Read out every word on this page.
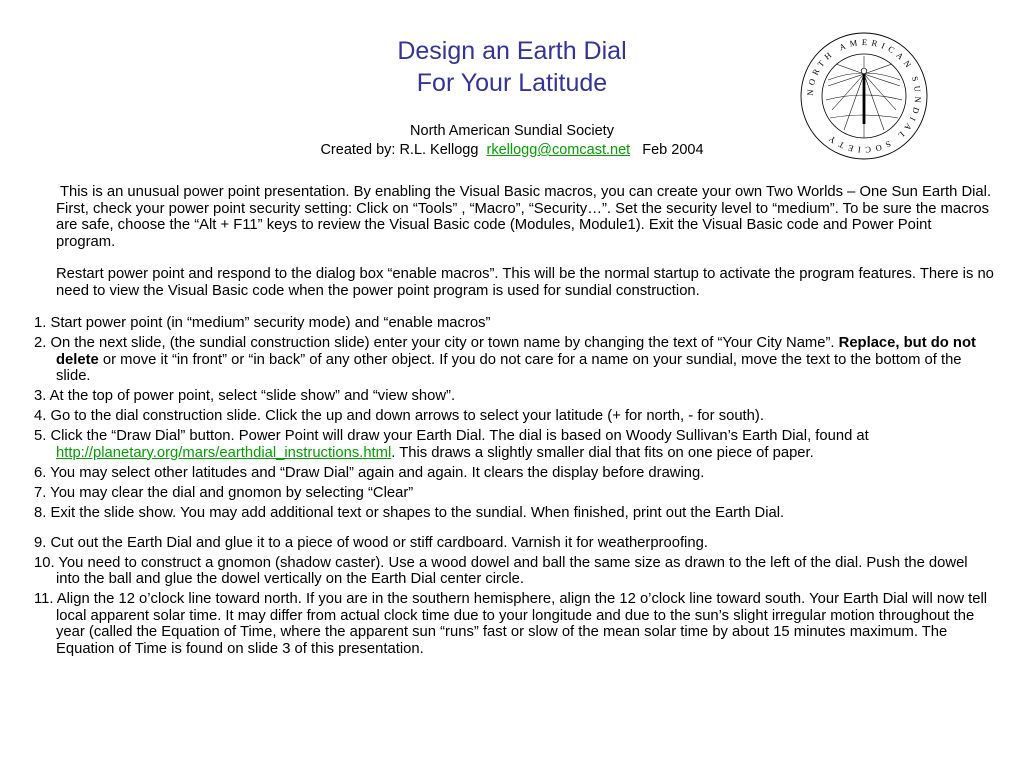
Design an Earth Dial
For Your Latitude
North American Sundial Society
Created by: R.L. Kellogg rkellogg@comcast.net Feb 2004
NORTH AMERICAN SUNDIAL SOCIETY

This is an unusual power point presentation. By enabling the Visual Basic macros, you can create your own Two Worlds – One Sun Earth Dial. First, check your power point security setting: Click on “Tools” , “Macro”, “Security…”. Set the security level to “medium”. To be sure the macros are safe, choose the “Alt + F11” keys to review the Visual Basic code (Modules, Module1). Exit the Visual Basic code and Power Point program.

Restart power point and respond to the dialog box “enable macros”. This will be the normal startup to activate the program features. There is no need to view the Visual Basic code when the power point program is used for sundial construction.

1. Start power point (in “medium” security mode) and “enable macros”
2. On the next slide, (the sundial construction slide) enter your city or town name by changing the text of “Your City Name”. Replace, but do not delete or move it “in front” or “in back” of any other object. If you do not care for a name on your sundial, move the text to the bottom of the slide.
3. At the top of power point, select “slide show” and “view show”.
4. Go to the dial construction slide. Click the up and down arrows to select your latitude (+ for north, - for south).
5. Click the “Draw Dial” button. Power Point will draw your Earth Dial. The dial is based on Woody Sullivan’s Earth Dial, found at http://planetary.org/mars/earthdial_instructions.html. This draws a slightly smaller dial that fits on one piece of paper.
6. You may select other latitudes and “Draw Dial” again and again. It clears the display before drawing.
7. You may clear the dial and gnomon by selecting “Clear”
8. Exit the slide show. You may add additional text or shapes to the sundial. When finished, print out the Earth Dial.
9. Cut out the Earth Dial and glue it to a piece of wood or stiff cardboard. Varnish it for weatherproofing.
10. You need to construct a gnomon (shadow caster). Use a wood dowel and ball the same size as drawn to the left of the dial. Push the dowel into the ball and glue the dowel vertically on the Earth Dial center circle.
11. Align the 12 o’clock line toward north. If you are in the southern hemisphere, align the 12 o’clock line toward south. Your Earth Dial will now tell local apparent solar time. It may differ from actual clock time due to your longitude and due to the sun’s slight irregular motion throughout the year (called the Equation of Time, where the apparent sun “runs” fast or slow of the mean solar time by about 15 minutes maximum. The Equation of Time is found on slide 3 of this presentation.
